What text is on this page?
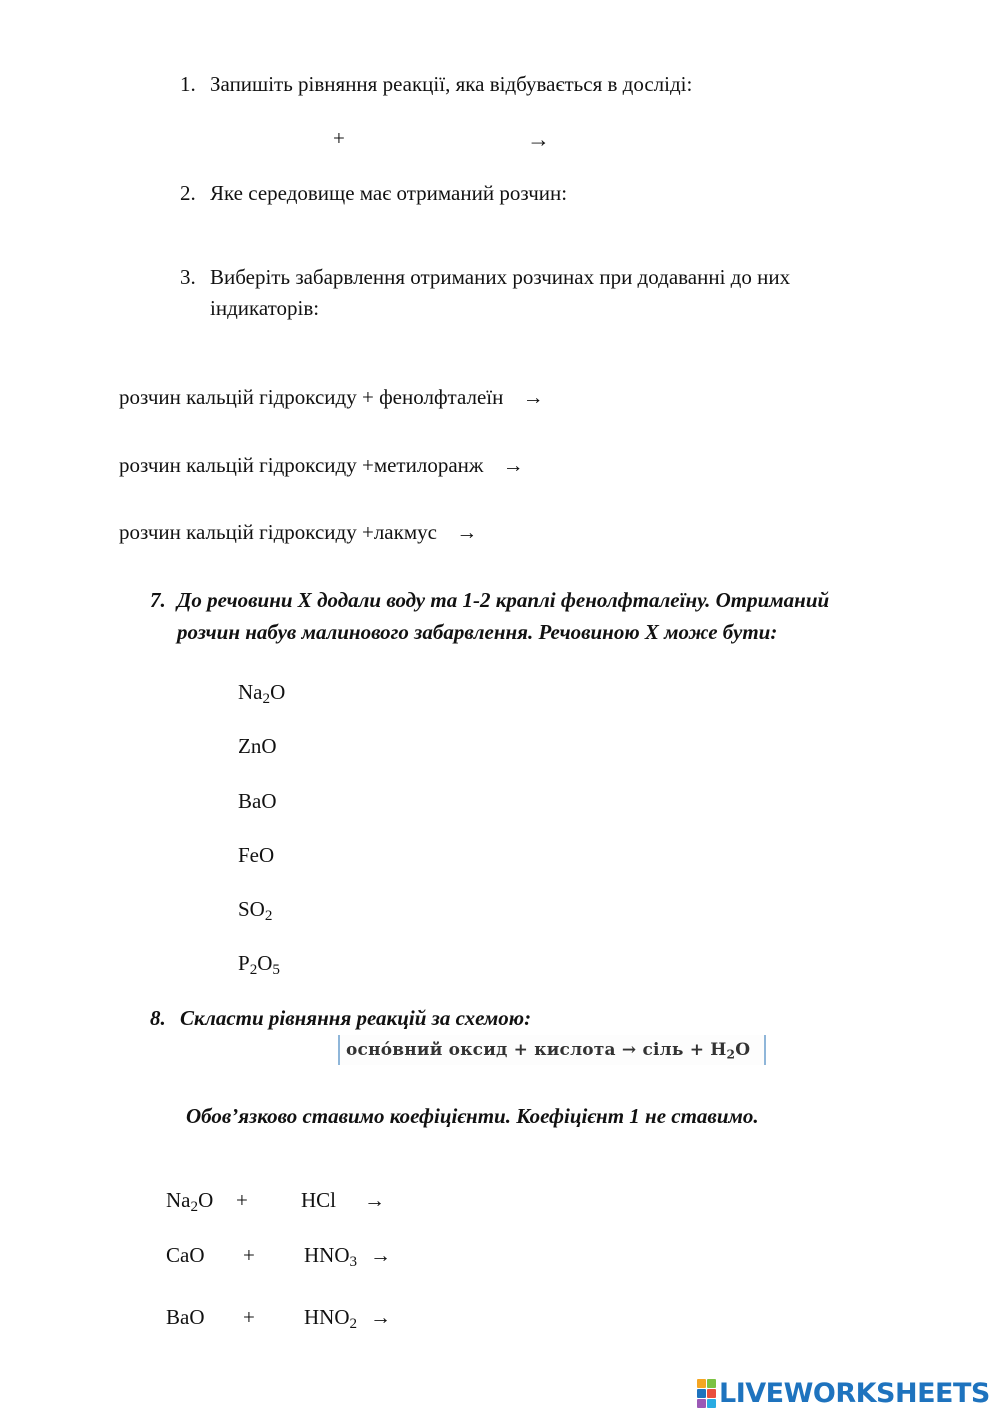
1. Запишіть рівняння реакції, яка відбувається в досліді:
+	→
2. Яке середовище має отриманий розчин:
3. Виберіть забарвлення отриманих розчинах при додаванні до них
індикаторів:
розчин кальцій гідроксиду + фенолфталеїн →
розчин кальцій гідроксиду +метилоранж →
розчин кальцій гідроксиду +лакмус →
7. До речовини Х додали воду та 1-2 краплі фенолфталеїну. Отриманий
розчин набув малинового забарвлення. Речовиною Х може бути:
$Na_2O$
ZnO
BaO
FeO
$SO_2$
$P_2O_5$
8. Скласти рівняння реакцій за схемою:
оснóвний оксид + кислота → сіль + $H_2O$
Обов’язково ставимо коефіцієнти. Коефіцієнт 1 не ставимо.
$Na_2O$ +	HCl →
CaO + $HNO_3$ →
BaO + $HNO_2$ →
LIVEWORKSHEETS
